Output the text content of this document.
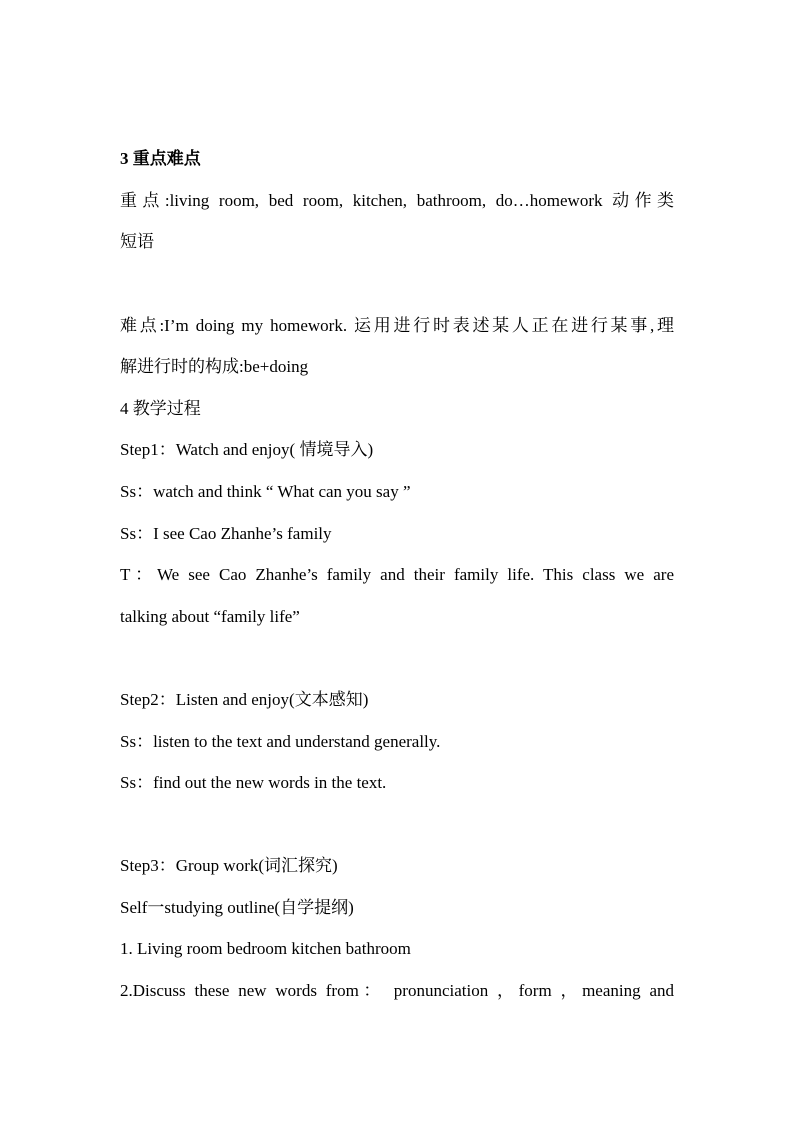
3 重点难点
重点:living room, bed room, kitchen, bathroom, do…homework 动作类
短语
难点:I’m doing my homework. 运用进行时表述某人正在进行某事,理
解进行时的构成:be+doing
4 教学过程
Step1：Watch and enjoy( 情境导入)
Ss：watch and think “ What can you say ”
Ss：I see Cao Zhanhe’s family
T：We see Cao Zhanhe’s family and their family life. This class we are
talking about “family life”
Step2：Listen and enjoy(文本感知)
Ss：listen to the text and understand generally.
Ss：find out the new words in the text.
Step3：Group work(词汇探究)
Self一studying outline(自学提纲)
1. Living room bedroom kitchen bathroom
2.Discuss these new words from： pronunciation ，form ，meaning and
